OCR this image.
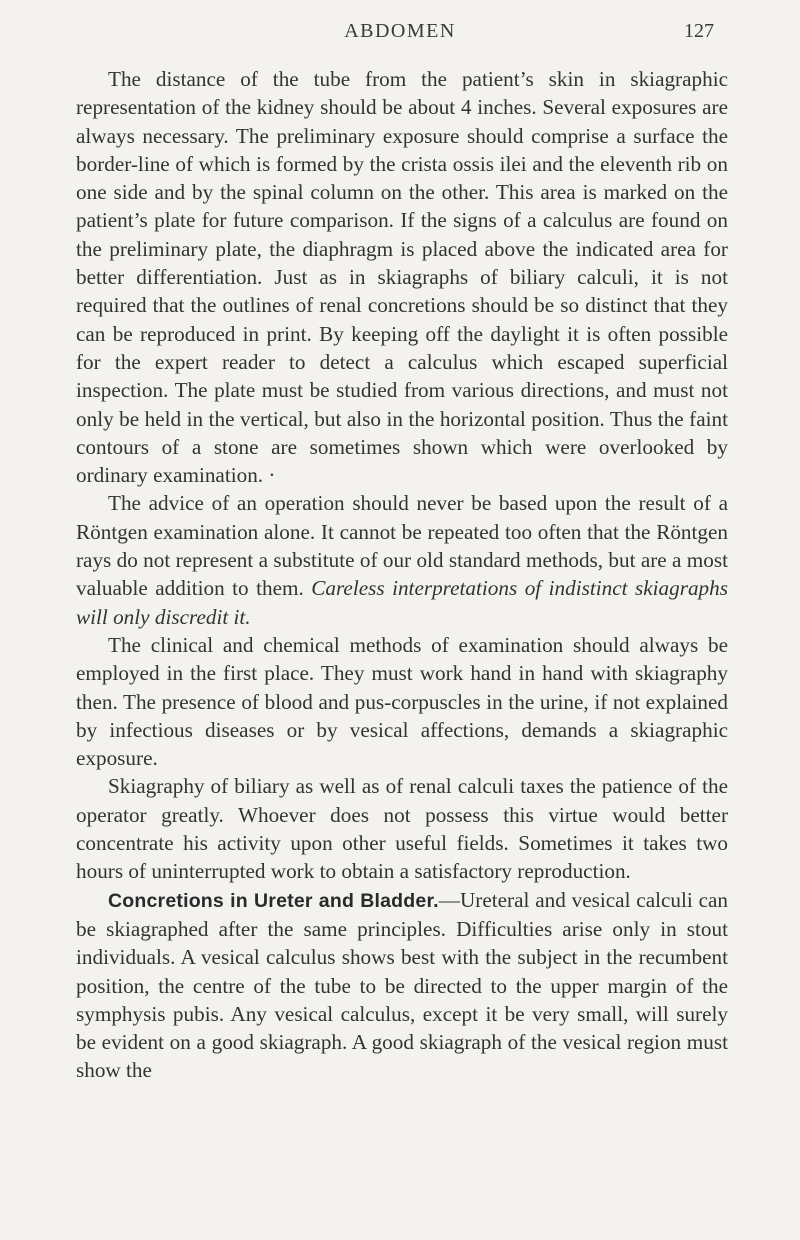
ABDOMEN	127

The distance of the tube from the patient’s skin in skiagraphic representation of the kidney should be about 4 inches. Several exposures are always necessary. The preliminary exposure should comprise a surface the border-line of which is formed by the crista ossis ilei and the eleventh rib on one side and by the spinal column on the other. This area is marked on the patient’s plate for future comparison. If the signs of a calculus are found on the preliminary plate, the diaphragm is placed above the indicated area for better differentiation. Just as in skiagraphs of biliary calculi, it is not required that the outlines of renal concretions should be so distinct that they can be reproduced in print. By keeping off the daylight it is often possible for the expert reader to detect a calculus which escaped superficial inspection. The plate must be studied from various directions, and must not only be held in the vertical, but also in the horizontal position. Thus the faint contours of a stone are sometimes shown which were overlooked by ordinary examination. ·

The advice of an operation should never be based upon the result of a Röntgen examination alone. It cannot be repeated too often that the Röntgen rays do not represent a substitute of our old standard methods, but are a most valuable addition to them. Careless interpretations of indistinct skiagraphs will only discredit it.

The clinical and chemical methods of examination should always be employed in the first place. They must work hand in hand with skiagraphy then. The presence of blood and pus-corpuscles in the urine, if not explained by infectious diseases or by vesical affections, demands a skiagraphic exposure.

Skiagraphy of biliary as well as of renal calculi taxes the patience of the operator greatly. Whoever does not possess this virtue would better concentrate his activity upon other useful fields. Sometimes it takes two hours of uninterrupted work to obtain a satisfactory reproduction.

Concretions in Ureter and Bladder.—Ureteral and vesical calculi can be skiagraphed after the same principles. Difficulties arise only in stout individuals. A vesical calculus shows best with the subject in the recumbent position, the centre of the tube to be directed to the upper margin of the symphysis pubis. Any vesical calculus, except it be very small, will surely be evident on a good skiagraph. A good skiagraph of the vesical region must show the
